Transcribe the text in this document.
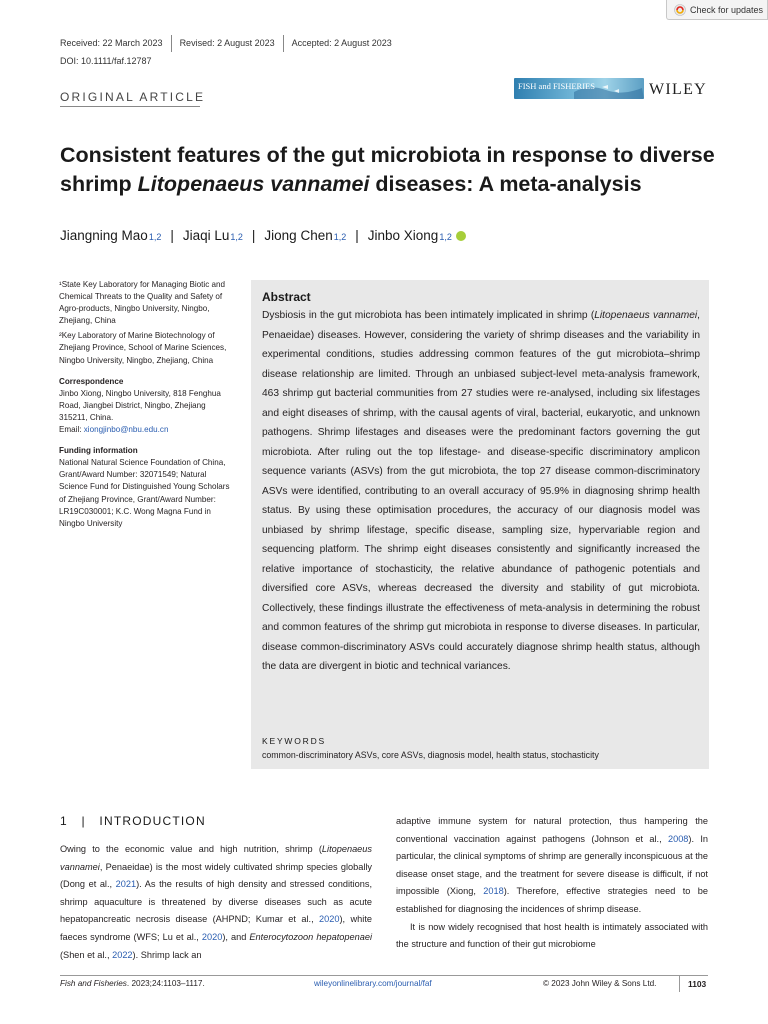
Check for updates
Received: 22 March 2023 Revised: 2 August 2023 Accepted: 2 August 2023
DOI: 10.1111/faf.12787
ORIGINAL ARTICLE
FISH and FISHERIES	WILEY
Consistent features of the gut microbiota in response to diverse shrimp Litopenaeus vannamei diseases: A meta-analysis
Jiangning Mao 1,2 | Jiaqi Lu 1,2 | Jiong Chen 1,2 | Jinbo Xiong 1,2

¹State Key Laboratory for Managing Biotic and Chemical Threats to the Quality and Safety of Agro-products, Ningbo University, Ningbo, Zhejiang, China

²Key Laboratory of Marine Biotechnology of Zhejiang Province, School of Marine Sciences, Ningbo University, Ningbo, Zhejiang, China

Correspondence

Jinbo Xiong, Ningbo University, 818 Fenghua Road, Jiangbei District, Ningbo, Zhejiang 315211, China.

Email: xiongjinbo@nbu.edu.cn

Funding information

National Natural Science Foundation of China, Grant/Award Number: 32071549; Natural Science Fund for Distinguished Young Scholars of Zhejiang Province, Grant/Award Number: LR19C030001; K.C. Wong Magna Fund in Ningbo University

Abstract

Dysbiosis in the gut microbiota has been intimately implicated in shrimp (Litopenaeus vannamei, Penaeidae) diseases. However, considering the variety of shrimp diseases and the variability in experimental conditions, studies addressing common features of the gut microbiota–shrimp disease relationship are limited. Through an unbiased subject-level meta-analysis framework, 463 shrimp gut bacterial communities from 27 studies were re-analysed, including six lifestages and eight diseases of shrimp, with the causal agents of viral, bacterial, eukaryotic, and unknown pathogens. Shrimp lifestages and diseases were the predominant factors governing the gut microbiota. After ruling out the top lifestage- and disease-specific discriminatory amplicon sequence variants (ASVs) from the gut microbiota, the top 27 disease common-discriminatory ASVs were identified, contributing to an overall accuracy of 95.9% in diagnosing shrimp health status. By using these optimisation procedures, the accuracy of our diagnosis model was unbiased by shrimp lifestage, specific disease, sampling size, hypervariable region and sequencing platform. The shrimp eight diseases consistently and significantly increased the relative importance of stochasticity, the relative abundance of pathogenic potentials and diversified core ASVs, whereas decreased the diversity and stability of gut microbiota. Collectively, these findings illustrate the effectiveness of meta-analysis in determining the robust and common features of the shrimp gut microbiota in response to diverse diseases. In particular, disease common-discriminatory ASVs could accurately diagnose shrimp health status, although the data are divergent in biotic and technical variances.

KEYWORDS
common-discriminatory ASVs, core ASVs, diagnosis model, health status, stochasticity
1 | INTRODUCTION

Owing to the economic value and high nutrition, shrimp (Litopenaeus vannamei, Penaeidae) is the most widely cultivated shrimp species globally (Dong et al., 2021). As the results of high density and stressed conditions, shrimp aquaculture is threatened by diverse diseases such as acute hepatopancreatic necrosis disease (AHPND; Kumar et al., 2020), white faeces syndrome (WFS; Lu et al., 2020), and Enterocytozoon hepatopenaei (Shen et al., 2022). Shrimp lack an

adaptive immune system for natural protection, thus hampering the conventional vaccination against pathogens (Johnson et al., 2008). In particular, the clinical symptoms of shrimp are generally inconspicuous at the disease onset stage, and the treatment for severe disease is difficult, if not impossible (Xiong, 2018). Therefore, effective strategies need to be established for diagnosing the incidences of shrimp disease.

It is now widely recognised that host health is intimately associated with the structure and function of their gut microbiome

Fish and Fisheries. 2023;24:1103–1117.	wileyonlinelibrary.com/journal/faf	© 2023 John Wiley & Sons Ltd.	1103
